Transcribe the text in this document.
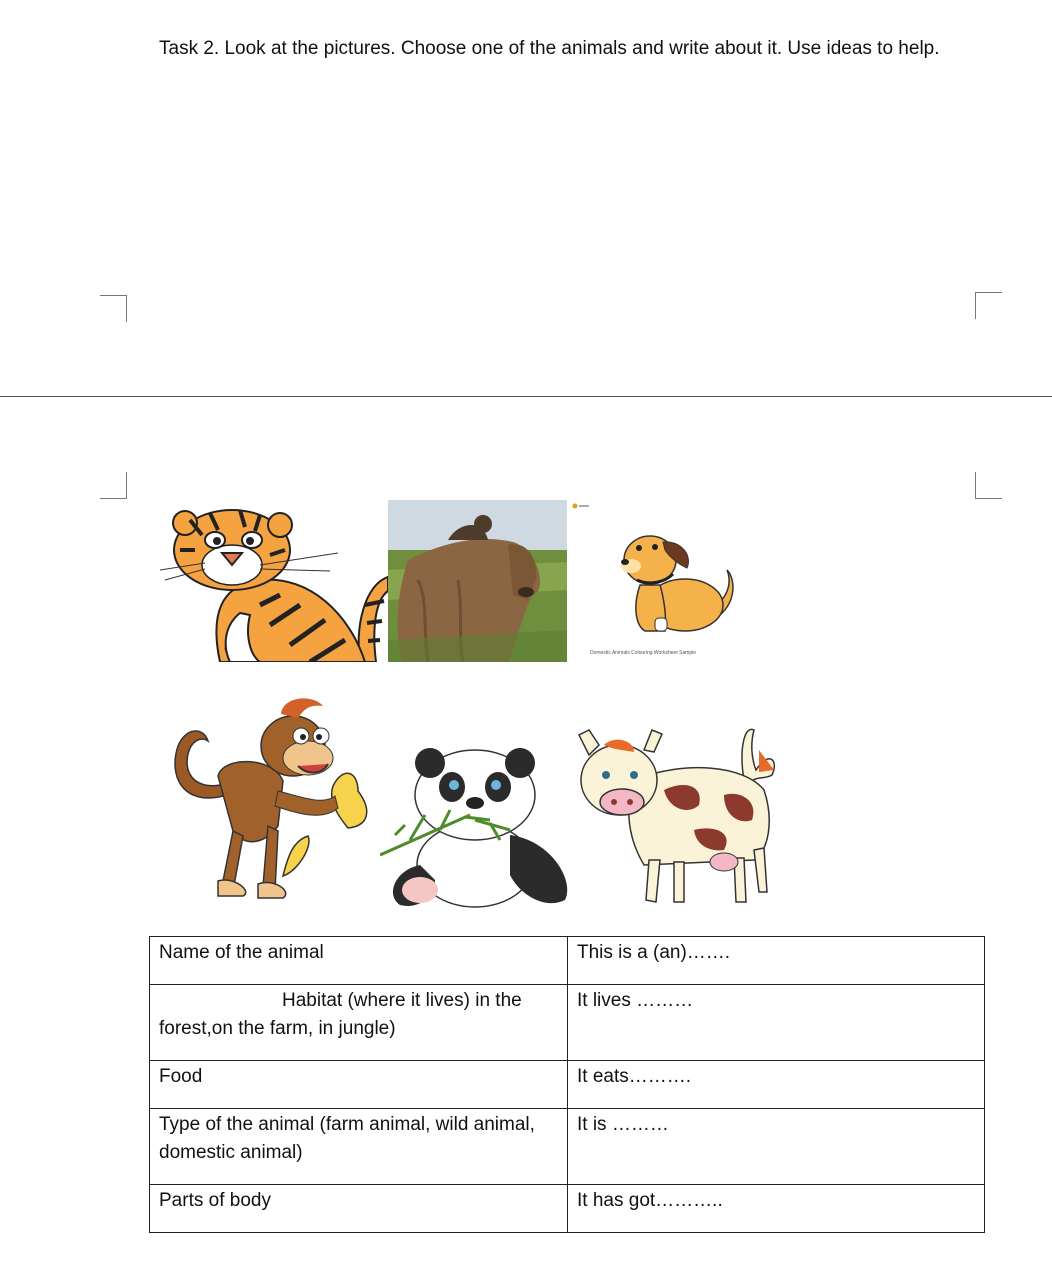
Task 2. Look at the pictures. Choose one of the animals and write about it. Use ideas to help.
Domestic Animals Colouring Worksheet Sample
Name of the animal	This is a (an)…….

Habitat (where it lives) in the
forest,on the farm, in jungle)	It lives ………
Food	It eats……….

Type of the animal (farm animal, wild animal,
domestic animal)	It is ………
Parts of body	It has got………..
